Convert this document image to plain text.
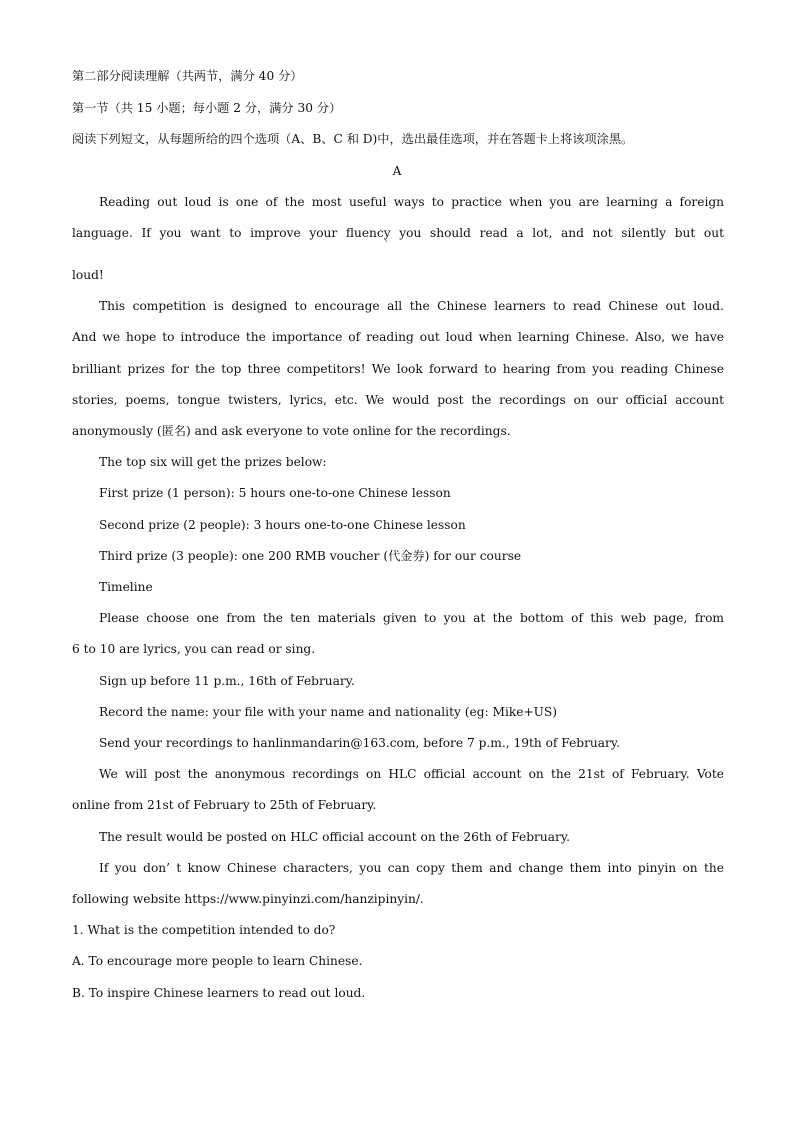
第二部分阅读理解（共两节，满分 40 分）
第一节（共 15 小题；每小题 2 分，满分 30 分）
阅读下列短文，从每题所给的四个选项（A、B、C 和 D)中，选出最佳选项，并在答题卡上将该项涂黑。
A
Reading out loud is one of the most useful ways to practice when you are learning a foreign
language. If you want to improve your fluency you should read a lot, and not silently but out
'
loud!
This competition is designed to encourage all the Chinese learners to read Chinese out loud.
And we hope to introduce the importance of reading out loud when learning Chinese. Also, we have
brilliant prizes for the top three competitors! We look forward to hearing from you reading Chinese
stories, poems, tongue twisters, lyrics, etc. We would post the recordings on our official account
anonymously (匿名) and ask everyone to vote online for the recordings.
The top six will get the prizes below:
First prize (1 person): 5 hours one-to-one Chinese lesson
Second prize (2 people): 3 hours one-to-one Chinese lesson
Third prize (3 people): one 200 RMB voucher (代金券) for our course
Timeline
Please choose one from the ten materials given to you at the bottom of this web page, from
6 to 10 are lyrics, you can read or sing.
Sign up before 11 p.m., 16th of February.
Record the name: your file with your name and nationality (eg: Mike+US)
Send your recordings to hanlinmandarin@163.com, before 7 p.m., 19th of February.
We will post the anonymous recordings on HLC official account on the 21st of February. Vote
online from 21st of February to 25th of February.
The result would be posted on HLC official account on the 26th of February.
If you don’ t know Chinese characters, you can copy them and change them into pinyin on the
following website https://www.pinyinzi.com/hanzipinyin/.
1. What is the competition intended to do?
A. To encourage more people to learn Chinese.
B. To inspire Chinese learners to read out loud.
